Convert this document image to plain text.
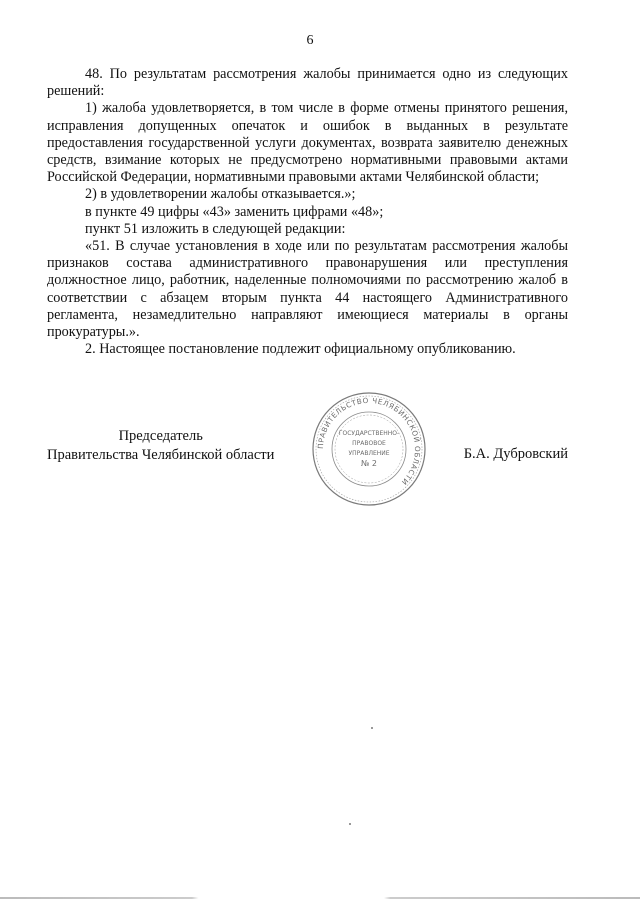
6

48. По результатам рассмотрения жалобы принимается одно из следующих решений:

1) жалоба удовлетворяется, в том числе в форме отмены принятого решения, исправления допущенных опечаток и ошибок в выданных в результате предоставления государственной услуги документах, возврата заявителю денежных средств, взимание которых не предусмотрено нормативными правовыми актами Российской Федерации, нормативными правовыми актами Челябинской области;

2) в удовлетворении жалобы отказывается.»;

в пункте 49 цифры «43» заменить цифрами «48»;

пункт 51 изложить в следующей редакции:

«51. В случае установления в ходе или по результатам рассмотрения жалобы признаков состава административного правонарушения или преступления должностное лицо, работник, наделенные полномочиями по рассмотрению жалоб в соответствии с абзацем вторым пункта 44 настоящего Административного регламента, незамедлительно направляют имеющиеся материалы в органы прокуратуры.».

2. Настоящее постановление подлежит официальному опубликованию.

Председатель
Правительства Челябинской области
ПРАВИТЕЛЬСТВО ЧЕЛЯБИНСКОЙ ОБЛАСТИ
ГОСУДАРСТВЕННО-
ПРАВОВОЕ
УПРАВЛЕНИЕ
№ 2
Б.А. Дубровский
